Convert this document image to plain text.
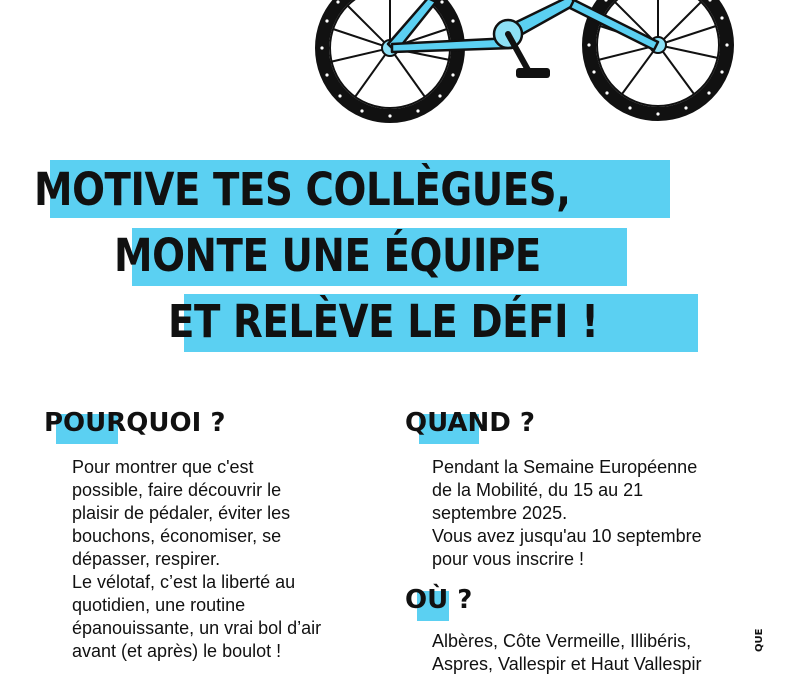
MOTIVE TES COLLÈGUES,
MONTE UNE ÉQUIPE
ET RELÈVE LE DÉFI !
POURQUOI ?
Pour montrer que c'est
possible, faire découvrir le
plaisir de pédaler, éviter les
bouchons, économiser, se
dépasser, respirer.
Le vélotaf, c’est la liberté au
quotidien, une routine
épanouissante, un vrai bol d’air
avant (et après) le boulot !
QUAND ?
Pendant la Semaine Européenne
de la Mobilité, du 15 au 21
septembre 2025.
Vous avez jusqu'au 10 septembre
pour vous inscrire !
OÙ ?
Albères, Côte Vermeille, Illibéris,
Aspres, Vallespir et Haut Vallespir
QUE
